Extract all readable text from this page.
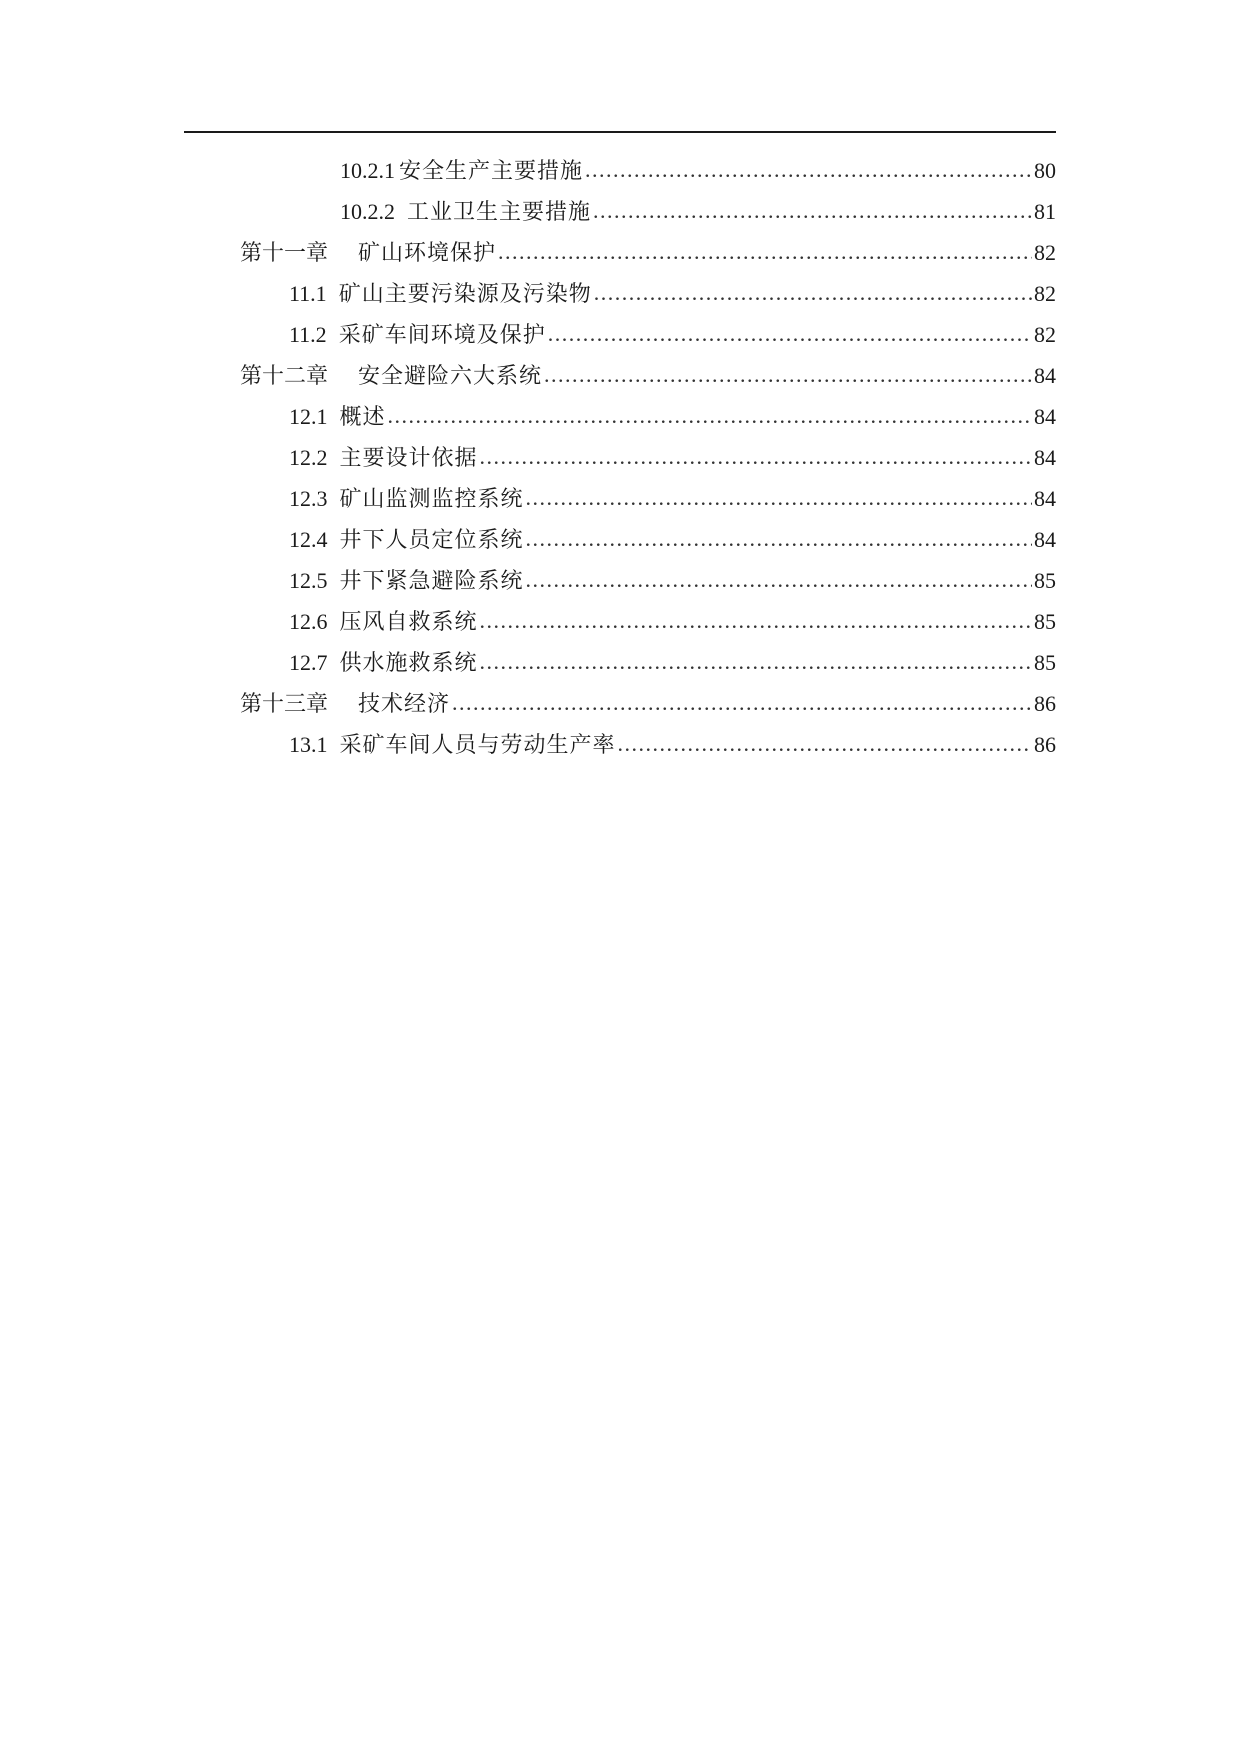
10.2.1 安全生产主要措施 .....	80
10.2.2 工业卫生主要措施 .....	81
第十一章 矿山环境保护 .....	82
11.1 矿山主要污染源及污染物 .....	82
11.2 采矿车间环境及保护 .....	82
第十二章 安全避险六大系统 .....	84
12.1 概述 .....	84
12.2 主要设计依据 .....	84
12.3 矿山监测监控系统 .....	84
12.4 井下人员定位系统 .....	84
12.5 井下紧急避险系统 .....	85
12.6 压风自救系统 .....	85
12.7 供水施救系统 .....	85
第十三章 技术经济 .....	86
13.1 采矿车间人员与劳动生产率 .....	86
